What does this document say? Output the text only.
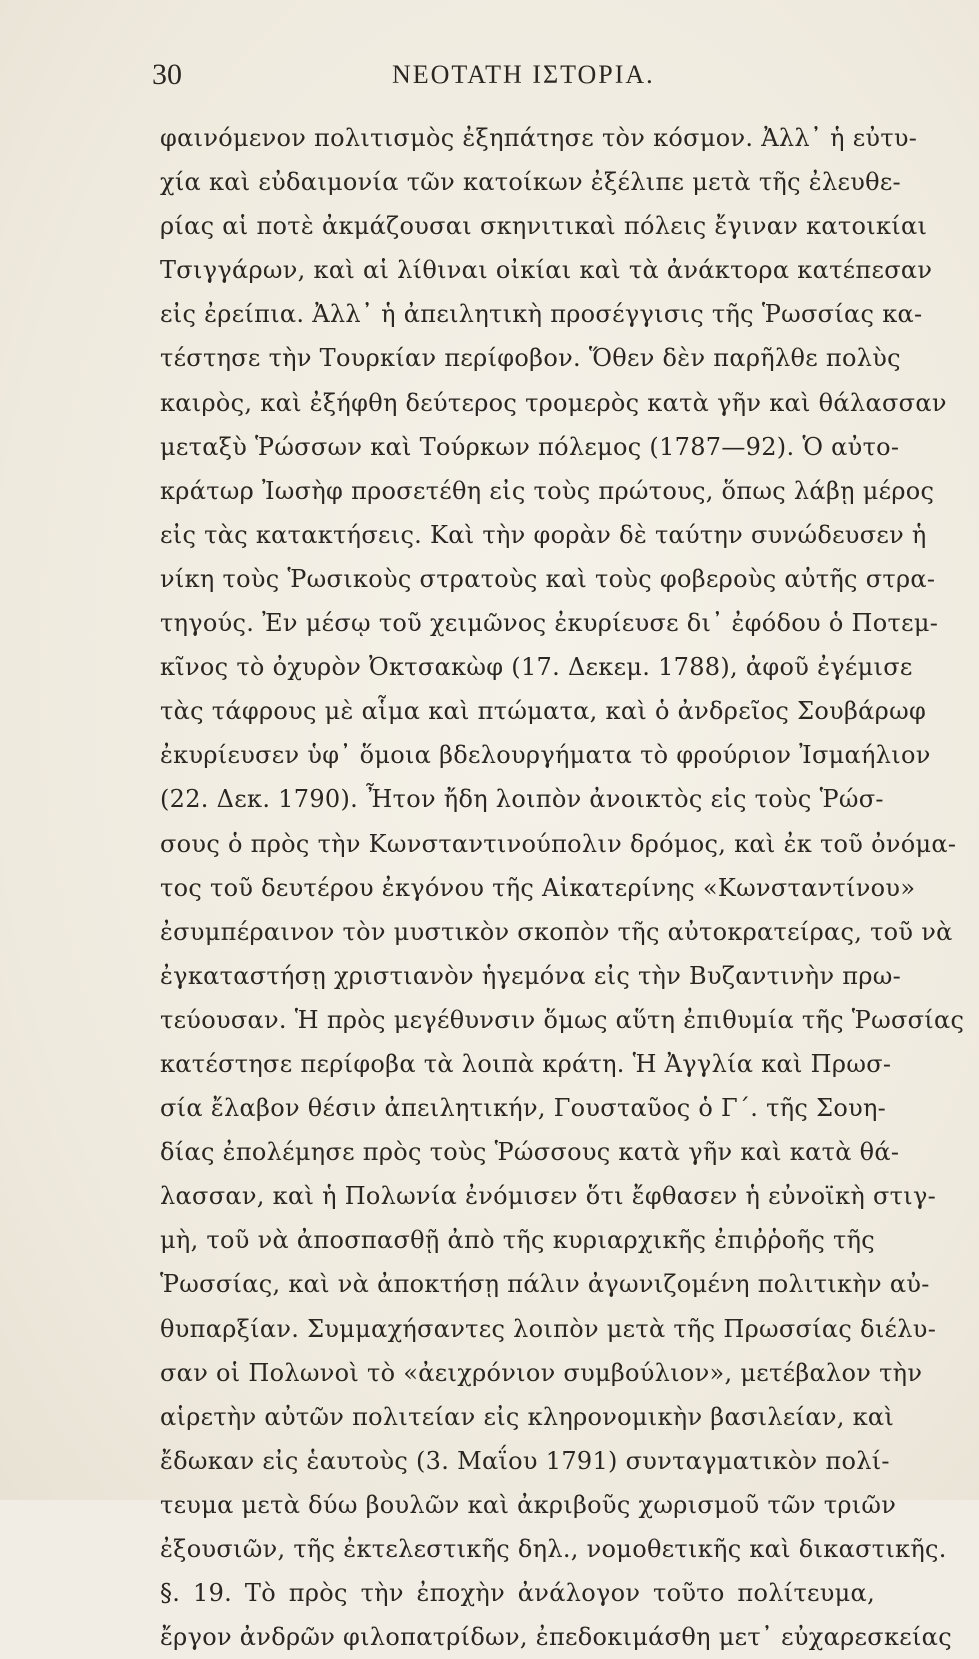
30	ΝΕΟΤΑΤΗ ΙΣΤΟΡΙΑ.
φαινόμενον πολιτισμὸς ἐξηπάτησε τὸν κόσμον. Ἀλλ᾽ ἡ εὐτυ-
χία καὶ εὐδαιμονία τῶν κατοίκων ἐξέλιπε μετὰ τῆς ἐλευθε-
ρίας αἱ ποτὲ ἀκμάζουσαι σκηνιτικαὶ πόλεις ἔγιναν κατοικίαι
Τσιγγάρων, καὶ αἱ λίθιναι οἰκίαι καὶ τὰ ἀνάκτορα κατέπεσαν
εἰς ἐρείπια. Ἀλλ᾽ ἡ ἀπειλητικὴ προσέγγισις τῆς Ῥωσσίας κα-
τέστησε τὴν Τουρκίαν περίφοβον. Ὅθεν δὲν παρῆλθε πολὺς
καιρὸς, καὶ ἐξήφθη δεύτερος τρομερὸς κατὰ γῆν καὶ θάλασσαν
μεταξὺ Ῥώσσων καὶ Τούρκων πόλεμος (1787—92). Ὁ αὐτο-
κράτωρ Ἰωσὴφ προσετέθη εἰς τοὺς πρώτους, ὅπως λάβῃ μέρος
εἰς τὰς κατακτήσεις. Καὶ τὴν φορὰν δὲ ταύτην συνώδευσεν ἡ
νίκη τοὺς Ῥωσικοὺς στρατοὺς καὶ τοὺς φοβεροὺς αὐτῆς στρα-
τηγούς. Ἐν μέσῳ τοῦ χειμῶνος ἐκυρίευσε δι᾽ ἐφόδου ὁ Ποτεμ-
κῖνος τὸ ὀχυρὸν Ὀκτσακὼφ (17. Δεκεμ. 1788), ἀφοῦ ἐγέμισε
τὰς τάφρους μὲ αἷμα καὶ πτώματα, καὶ ὁ ἀνδρεῖος Σουβάρωφ
ἐκυρίευσεν ὑφ᾽ ὅμοια βδελουργήματα τὸ φρούριον Ἰσμαήλιον
(22. Δεκ. 1790). Ἦτον ἤδη λοιπὸν ἀνοικτὸς εἰς τοὺς Ῥώσ-
σους ὁ πρὸς τὴν Κωνσταντινούπολιν δρόμος, καὶ ἐκ τοῦ ὀνόμα-
τος τοῦ δευτέρου ἐκγόνου τῆς Αἰκατερίνης «Κωνσταντίνου»
ἐσυμπέραινον τὸν μυστικὸν σκοπὸν τῆς αὐτοκρατείρας, τοῦ νὰ
ἐγκαταστήσῃ χριστιανὸν ἡγεμόνα εἰς τὴν Βυζαντινὴν πρω-
τεύουσαν. Ἡ πρὸς μεγέθυνσιν ὅμως αὕτη ἐπιθυμία τῆς Ῥωσσίας
κατέστησε περίφοβα τὰ λοιπὰ κράτη. Ἡ Ἀγγλία καὶ Πρωσ-
σία ἔλαβον θέσιν ἀπειλητικήν, Γουσταῦος ὁ Γ´. τῆς Σουη-
δίας ἐπολέμησε πρὸς τοὺς Ῥώσσους κατὰ γῆν καὶ κατὰ θά-
λασσαν, καὶ ἡ Πολωνία ἐνόμισεν ὅτι ἔφθασεν ἡ εὐνοϊκὴ στιγ-
μὴ, τοῦ νὰ ἀποσπασθῇ ἀπὸ τῆς κυριαρχικῆς ἐπιῤῥοῆς τῆς
Ῥωσσίας, καὶ νὰ ἀποκτήσῃ πάλιν ἀγωνιζομένη πολιτικὴν αὐ-
θυπαρξίαν. Συμμαχήσαντες λοιπὸν μετὰ τῆς Πρωσσίας διέλυ-
σαν οἱ Πολωνοὶ τὸ «ἀειχρόνιον συμβούλιον», μετέβαλον τὴν
αἱρετὴν αὐτῶν πολιτείαν εἰς κληρονομικὴν βασιλείαν, καὶ
ἔδωκαν εἰς ἑαυτοὺς (3. Μαΐου 1791) συνταγματικὸν πολί-
τευμα μετὰ δύω βουλῶν καὶ ἀκριβοῦς χωρισμοῦ τῶν τριῶν
ἐξουσιῶν, τῆς ἐκτελεστικῆς δηλ., νομοθετικῆς καὶ δικαστικῆς.
§. 19. Τὸ πρὸς τὴν ἐποχὴν ἀνάλογον τοῦτο πολίτευμα,
ἔργον ἀνδρῶν φιλοπατρίδων, ἐπεδοκιμάσθη μετ᾽ εὐχαρεσκείας
